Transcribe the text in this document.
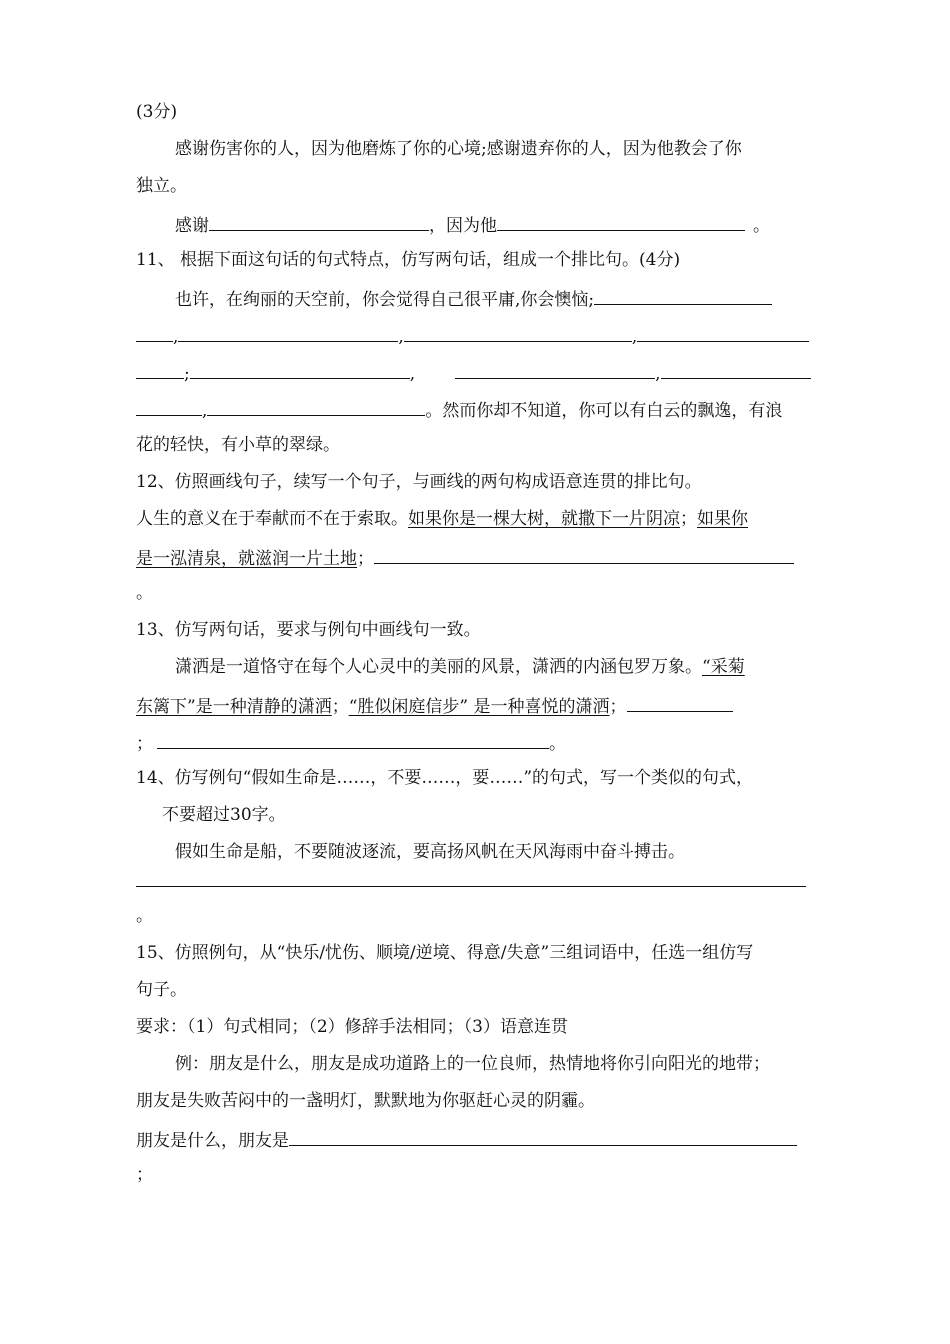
(3分)
感谢伤害你的人，因为他磨炼了你的心境;感谢遗弃你的人，因为他教会了你
独立。
感谢	，因为他	。
11、 根据下面这句话的句式特点，仿写两句话，组成一个排比句。(4分)
也许，在绚丽的天空前，你会觉得自己很平庸,你会懊恼;
,	,	,
;	,	,
,	。然而你却不知道，你可以有白云的飘逸，有浪
花的轻快，有小草的翠绿。
12、仿照画线句子，续写一个句子，与画线的两句构成语意连贯的排比句。
人生的意义在于奉献而不在于索取。如果你是一棵大树，就撒下一片阴凉；如果你
是一泓清泉，就滋润一片土地；
。
13、仿写两句话，要求与例句中画线句一致。
潇洒是一道恪守在每个人心灵中的美丽的风景，潇洒的内涵包罗万象。“采菊
东篱下”是一种清静的潇洒；“胜似闲庭信步” 是一种喜悦的潇洒；
；	。
14、仿写例句“假如生命是……，不要……，要……”的句式，写一个类似的句式，
不要超过30字。
假如生命是船，不要随波逐流，要高扬风帆在天风海雨中奋斗搏击。
。
15、仿照例句，从“快乐/忧伤、顺境/逆境、得意/失意”三组词语中，任选一组仿写
句子。
要求：（1）句式相同；（2）修辞手法相同；（3）语意连贯
例：朋友是什么，朋友是成功道路上的一位良师，热情地将你引向阳光的地带；
朋友是失败苦闷中的一盏明灯，默默地为你驱赶心灵的阴霾。
朋友是什么，朋友是
；
